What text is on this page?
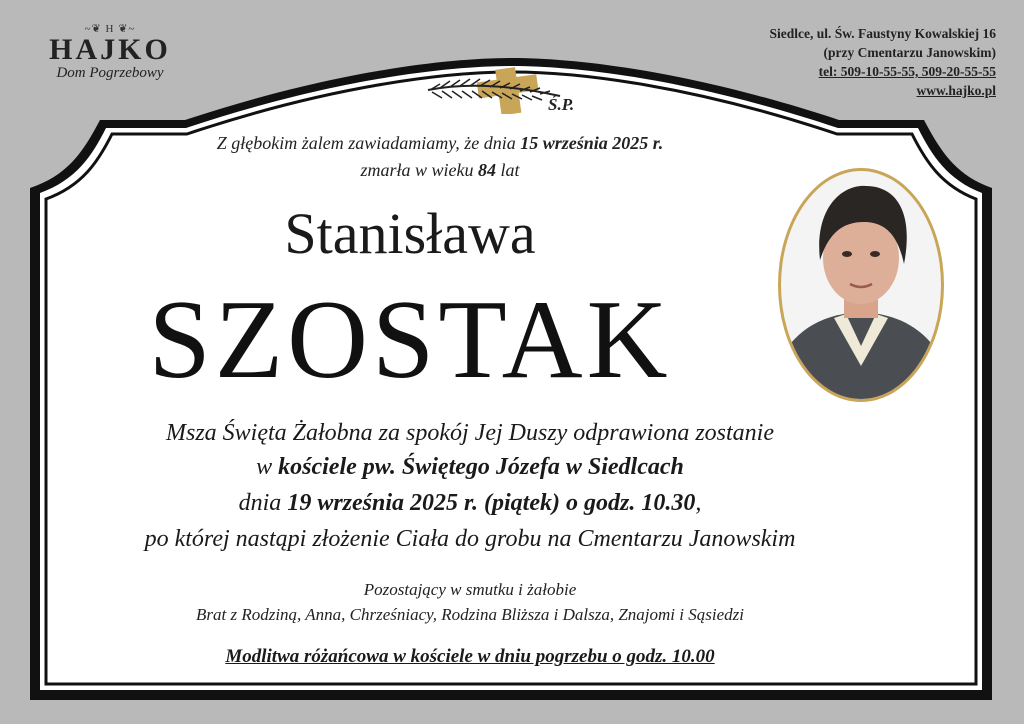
~❦ H ❦~
HAJKO
Dom Pogrzebowy
Siedlce, ul. Św. Faustyny Kowalskiej 16
(przy Cmentarzu Janowskim)
tel: 509-10-55-55, 509-20-55-55
www.hajko.pl
Ś.P.
Z głębokim żalem zawiadamiamy, że dnia 15 września 2025 r.
zmarła w wieku 84 lat
Stanisława
SZOSTAK
Msza Święta Żałobna za spokój Jej Duszy odprawiona zostanie
w kościele pw. Świętego Józefa w Siedlcach
dnia 19 września 2025 r. (piątek) o godz. 10.30,
po której nastąpi złożenie Ciała do grobu na Cmentarzu Janowskim
Pozostający w smutku i żałobie
Brat z Rodziną, Anna, Chrześniacy, Rodzina Bliższa i Dalsza, Znajomi i Sąsiedzi
Modlitwa różańcowa w kościele w dniu pogrzebu o godz. 10.00
